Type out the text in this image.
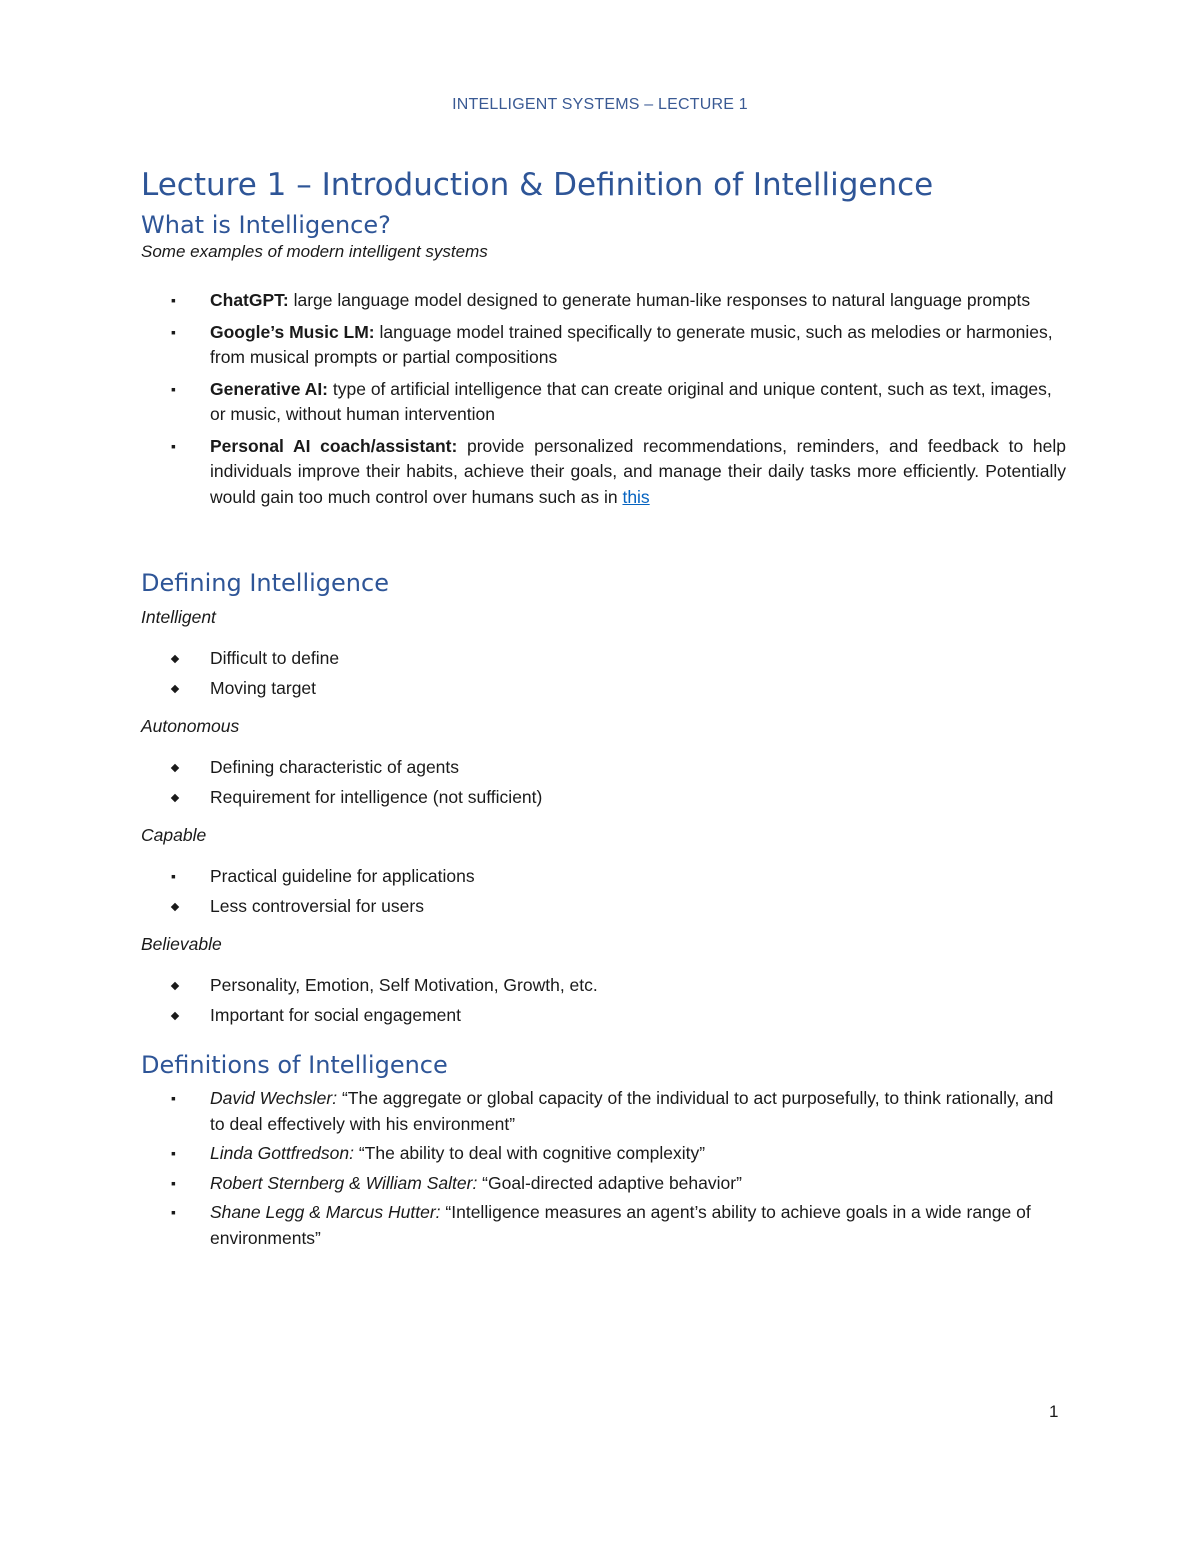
INTELLIGENT SYSTEMS – LECTURE 1
Lecture 1 – Introduction & Definition of Intelligence
What is Intelligence?

Some examples of modern intelligent systems

▪ ChatGPT: large language model designed to generate human-like responses to natural language prompts
▪ Google’s Music LM: language model trained specifically to generate music, such as melodies or harmonies, from musical prompts or partial compositions
▪ Generative AI: type of artificial intelligence that can create original and unique content, such as text, images, or music, without human intervention
▪ Personal AI coach/assistant: provide personalized recommendations, reminders, and feedback to help individuals improve their habits, achieve their goals, and manage their daily tasks more efficiently. Potentially would gain too much control over humans such as in this
Defining Intelligence

Intelligent

Difficult to define
Moving target

Autonomous

Defining characteristic of agents
Requirement for intelligence (not sufficient)

Capable

▪ Practical guideline for applications
Less controversial for users

Believable

Personality, Emotion, Self Motivation, Growth, etc.
Important for social engagement
Definitions of Intelligence
▪ David Wechsler: “The aggregate or global capacity of the individual to act purposefully, to think rationally, and to deal effectively with his environment”
▪ Linda Gottfredson: “The ability to deal with cognitive complexity”
▪ Robert Sternberg & William Salter: “Goal-directed adaptive behavior”
▪ Shane Legg & Marcus Hutter: “Intelligence measures an agent’s ability to achieve goals in a wide range of environments”
1
